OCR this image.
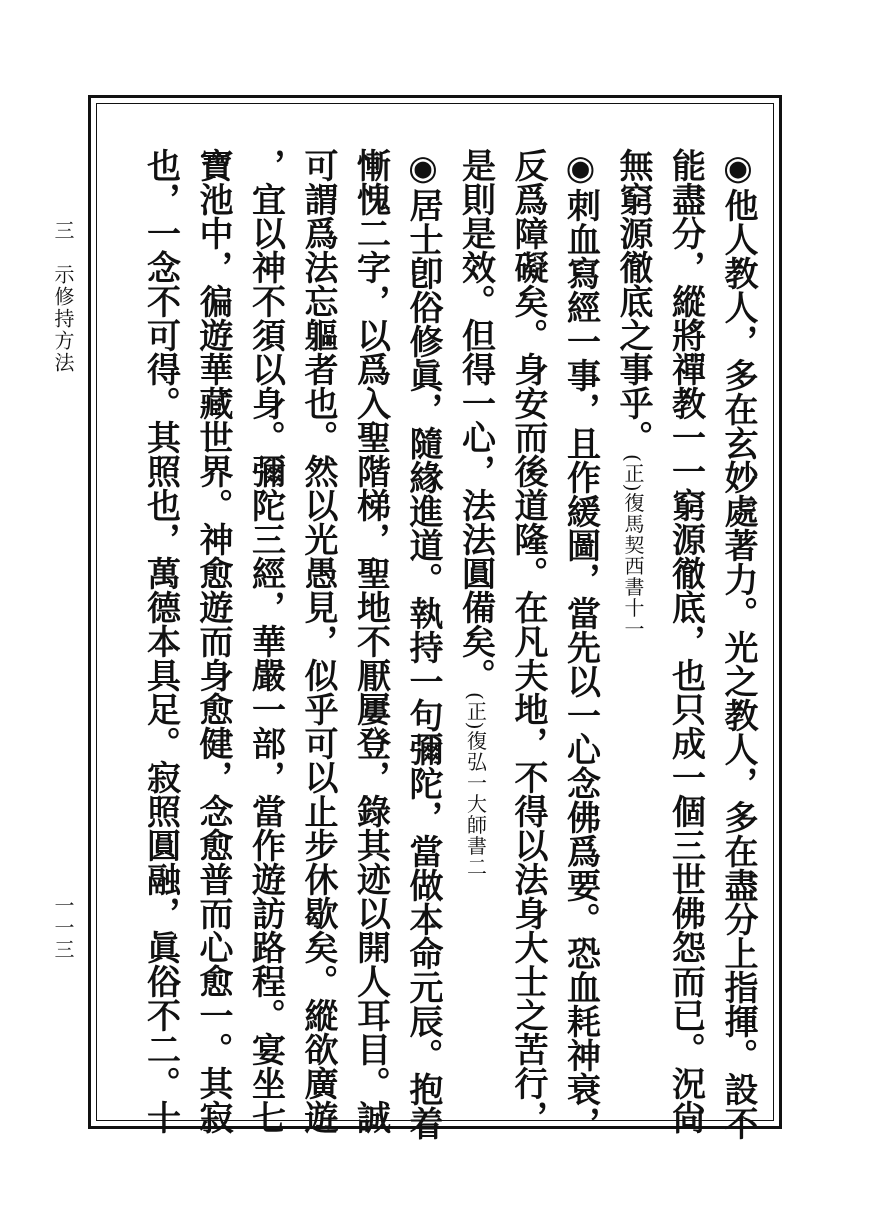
三　示修持方法
一一三	◉他人教人，多在玄妙處著力。光之教人，多在盡分上指揮。設不
能盡分，縱將禪教一一窮源徹底，也只成一個三世佛怨而已。況尙
無窮源徹底之事乎。(正)復馬契西書十一
◉刺血寫經一事，且作緩圖，當先以一心念佛爲要。恐血耗神衰，
反爲障礙矣。身安而後道隆。在凡夫地，不得以法身大士之苦行，
是則是效。但得一心，法法圓備矣。(正)復弘一大師書二
◉居士卽俗修眞，隨緣進道。執持一句彌陀，當做本命元辰。抱着
慚愧二字，以爲入聖階梯，聖地不厭屢登，錄其迹以開人耳目。誠
可謂爲法忘軀者也。然以光愚見，似乎可以止步休歇矣。縱欲廣遊
，宜以神不須以身。彌陀三經，華嚴一部，當作遊訪路程。宴坐七
寶池中，徧遊華藏世界。神愈遊而身愈健，念愈普而心愈一。其寂
也，一念不可得。其照也，萬德本具足。寂照圓融，眞俗不二。十
